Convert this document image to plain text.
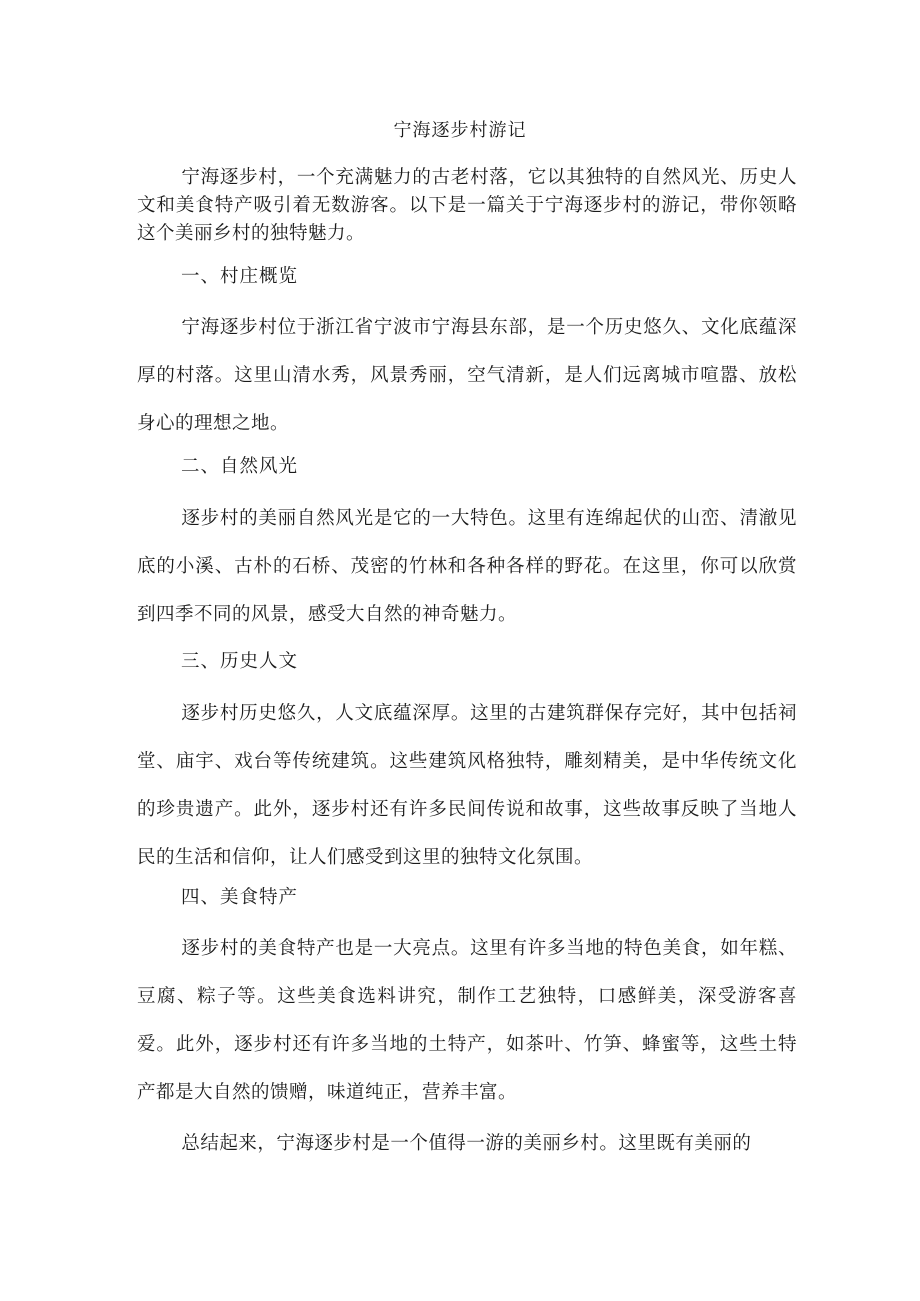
宁海逐步村游记

宁海逐步村，一个充满魅力的古老村落，它以其独特的自然风光、历史人文和美食特产吸引着无数游客。以下是一篇关于宁海逐步村的游记，带你领略这个美丽乡村的独特魅力。

一、村庄概览

宁海逐步村位于浙江省宁波市宁海县东部，是一个历史悠久、文化底蕴深厚的村落。这里山清水秀，风景秀丽，空气清新，是人们远离城市喧嚣、放松身心的理想之地。

二、自然风光

逐步村的美丽自然风光是它的一大特色。这里有连绵起伏的山峦、清澈见底的小溪、古朴的石桥、茂密的竹林和各种各样的野花。在这里，你可以欣赏到四季不同的风景，感受大自然的神奇魅力。

三、历史人文

逐步村历史悠久，人文底蕴深厚。这里的古建筑群保存完好，其中包括祠堂、庙宇、戏台等传统建筑。这些建筑风格独特，雕刻精美，是中华传统文化的珍贵遗产。此外，逐步村还有许多民间传说和故事，这些故事反映了当地人民的生活和信仰，让人们感受到这里的独特文化氛围。

四、美食特产

逐步村的美食特产也是一大亮点。这里有许多当地的特色美食，如年糕、豆腐、粽子等。这些美食选料讲究，制作工艺独特，口感鲜美，深受游客喜爱。此外，逐步村还有许多当地的土特产，如茶叶、竹笋、蜂蜜等，这些土特产都是大自然的馈赠，味道纯正，营养丰富。

总结起来，宁海逐步村是一个值得一游的美丽乡村。这里既有美丽的
